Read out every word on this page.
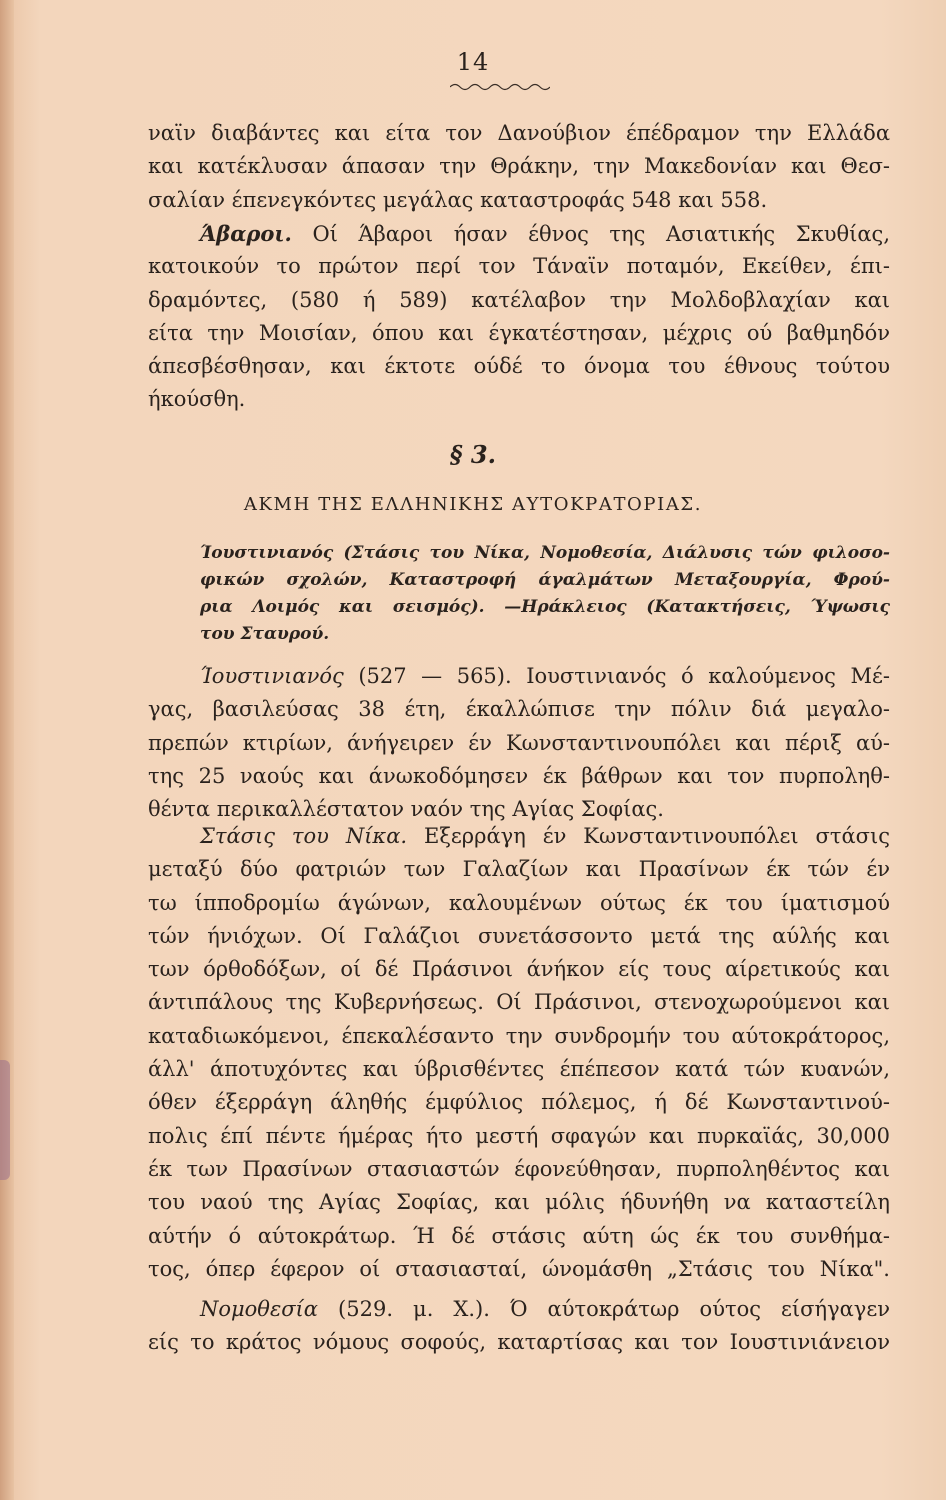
14
ναϊν διαβάντες και είτα τον Δανούβιον έπέδραμον την Ελλάδα
και κατέκλυσαν άπασαν την Θράκην, την Μακεδονίαν και Θεσ-
σαλίαν έπενεγκόντες μεγάλας καταστροφάς 548 και 558.
Άβαροι. Οί Άβαροι ήσαν έθνος της Ασιατικής Σκυθίας,
κατοικούν το πρώτον περί τον Τάναϊν ποταμόν, Εκείθεν, έπι-
δραμόντες, (580 ή 589) κατέλαβον την Μολδοβλαχίαν και
είτα την Μοισίαν, όπου και έγκατέστησαν, μέχρις ού βαθμηδόν
άπεσβέσθησαν, και έκτοτε ούδέ το όνομα του έθνους τούτου
ήκούσθη.
§ 3.
ΑΚΜΗ ΤΗΣ ΕΛΛΗΝΙΚΗΣ ΑΥΤΟΚΡΑΤΟΡΙΑΣ.
Ίουστινιανός (Στάσις του Νίκα, Νομοθεσία, Διάλυσις τών φιλοσο-
φικών σχολών, Καταστροφή άγαλμάτων Μεταξουργία, Φρού-
ρια Λοιμός και σεισμός). —Ηράκλειος (Κατακτήσεις, Ύψωσις
του Σταυρού.
Ίουστινιανός (527 — 565). Ιουστινιανός ό καλούμενος Μέ-
γας, βασιλεύσας 38 έτη, έκαλλώπισε την πόλιν διά μεγαλο-
πρεπών κτιρίων, άνήγειρεν έν Κωνσταντινουπόλει και πέριξ αύ-
της 25 ναούς και άνωκοδόμησεν έκ βάθρων και τον πυρποληθ-
θέντα περικαλλέστατον ναόν της Αγίας Σοφίας.
Στάσις του Νίκα. Εξερράγη έν Κωνσταντινουπόλει στάσις
μεταξύ δύο φατριών των Γαλαζίων και Πρασίνων έκ τών έν
τω ίπποδρομίω άγώνων, καλουμένων ούτως έκ του ίματισμού
τών ήνιόχων. Οί Γαλάζιοι συνετάσσοντο μετά της αύλής και
των όρθοδόξων, οί δέ Πράσινοι άνήκον είς τους αίρετικούς και
άντιπάλους της Κυβερνήσεως. Οί Πράσινοι, στενοχωρούμενοι και
καταδιωκόμενοι, έπεκαλέσαντο την συνδρομήν του αύτοκράτορος,
άλλ' άποτυχόντες και ύβρισθέντες έπέπεσον κατά τών κυανών,
όθεν έξερράγη άληθής έμφύλιος πόλεμος, ή δέ Κωνσταντινού-
πολις έπί πέντε ήμέρας ήτο μεστή σφαγών και πυρκαϊάς, 30,000
έκ των Πρασίνων στασιαστών έφονεύθησαν, πυρποληθέντος και
του ναού της Αγίας Σοφίας, και μόλις ήδυνήθη να καταστείλη
αύτήν ό αύτοκράτωρ. Ή δέ στάσις αύτη ώς έκ του συνθήμα-
τος, όπερ έφερον οί στασιασταί, ώνομάσθη „Στάσις του Νίκα".
Νομοθεσία (529. μ. Χ.). Ό αύτοκράτωρ ούτος είσήγαγεν
είς το κράτος νόμους σοφούς, καταρτίσας και τον Ιουστινιάνειον
